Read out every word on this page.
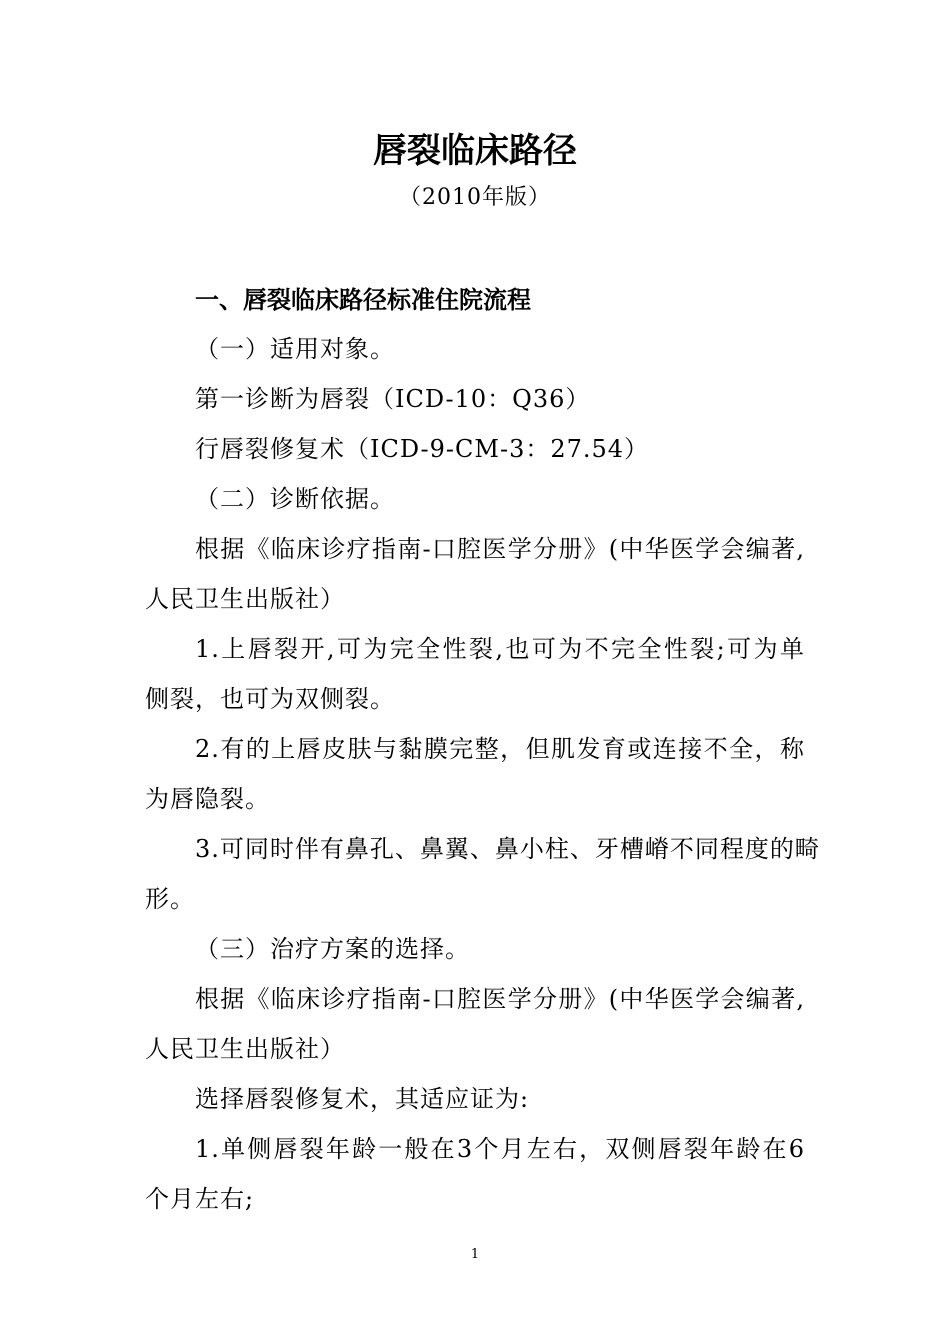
唇裂临床路径
（2010年版）
一、唇裂临床路径标准住院流程
（一）适用对象。
第一诊断为唇裂（ICD-10：Q36）
行唇裂修复术（ICD-9-CM-3：27.54）
（二）诊断依据。
根据《临床诊疗指南-口腔医学分册》(中华医学会编著,
人民卫生出版社）
1.上唇裂开,可为完全性裂,也可为不完全性裂;可为单
侧裂，也可为双侧裂。
2.有的上唇皮肤与黏膜完整，但肌发育或连接不全，称
为唇隐裂。
3.可同时伴有鼻孔、鼻翼、鼻小柱、牙槽嵴不同程度的畸
形。
（三）治疗方案的选择。
根据《临床诊疗指南-口腔医学分册》(中华医学会编著,
人民卫生出版社）
选择唇裂修复术，其适应证为:
1.单侧唇裂年龄一般在3个月左右，双侧唇裂年龄在6
个月左右;
1
